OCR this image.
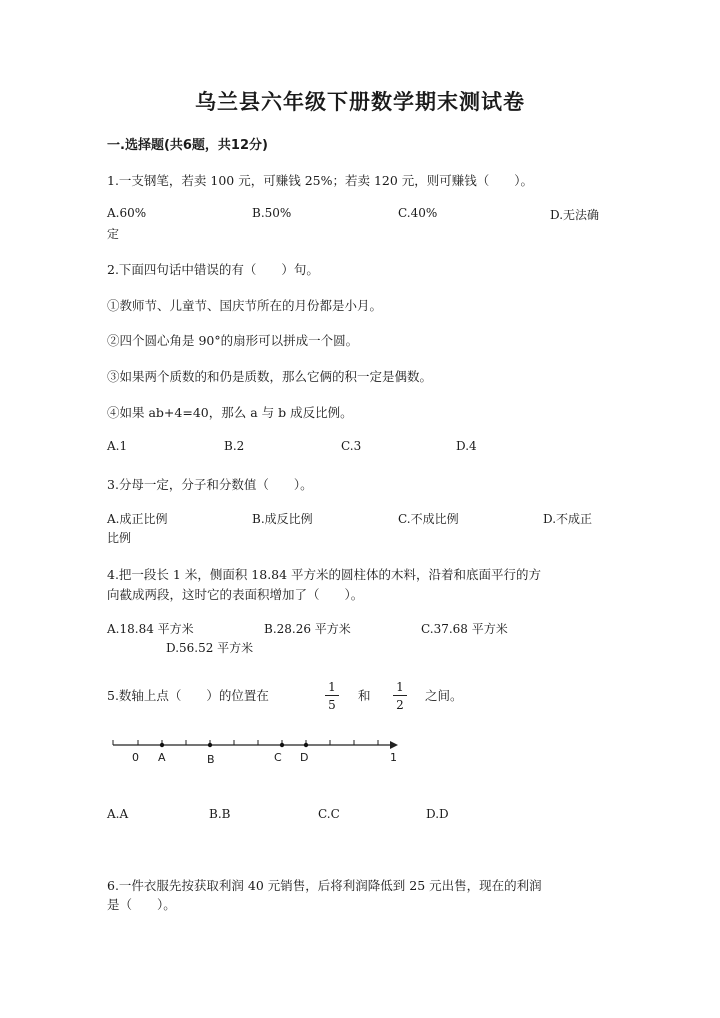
乌兰县六年级下册数学期末测试卷
一.选择题(共6题，共12分)
1.一支钢笔，若卖 100 元，可赚钱 25%；若卖 120 元，则可赚钱（　　）。
A.60%	B.50%	C.40%	D.无法确
定
2.下面四句话中错误的有（　　）句。
①教师节、儿童节、国庆节所在的月份都是小月。
②四个圆心角是 90°的扇形可以拼成一个圆。
③如果两个质数的和仍是质数，那么它俩的积一定是偶数。
④如果 ab+4=40，那么 a 与 b 成反比例。
A.1	B.2	C.3	D.4
3.分母一定，分子和分数值（　　）。
A.成正比例	B.成反比例	C.不成比例	D.不成正
比例
4.把一段长 1 米，侧面积 18.84 平方米的圆柱体的木料，沿着和底面平行的方
向截成两段，这时它的表面积增加了（　　）。
A.18.84 平方米	B.28.26 平方米	C.37.68 平方米
D.56.52 平方米
5.数轴上点（　　）的位置在
1
5
和
1
2
之间。
0 A	B	C D	1
A.A	B.B	C.C	D.D
6.一件衣服先按获取利润 40 元销售，后将利润降低到 25 元出售，现在的利润
是（　　）。
